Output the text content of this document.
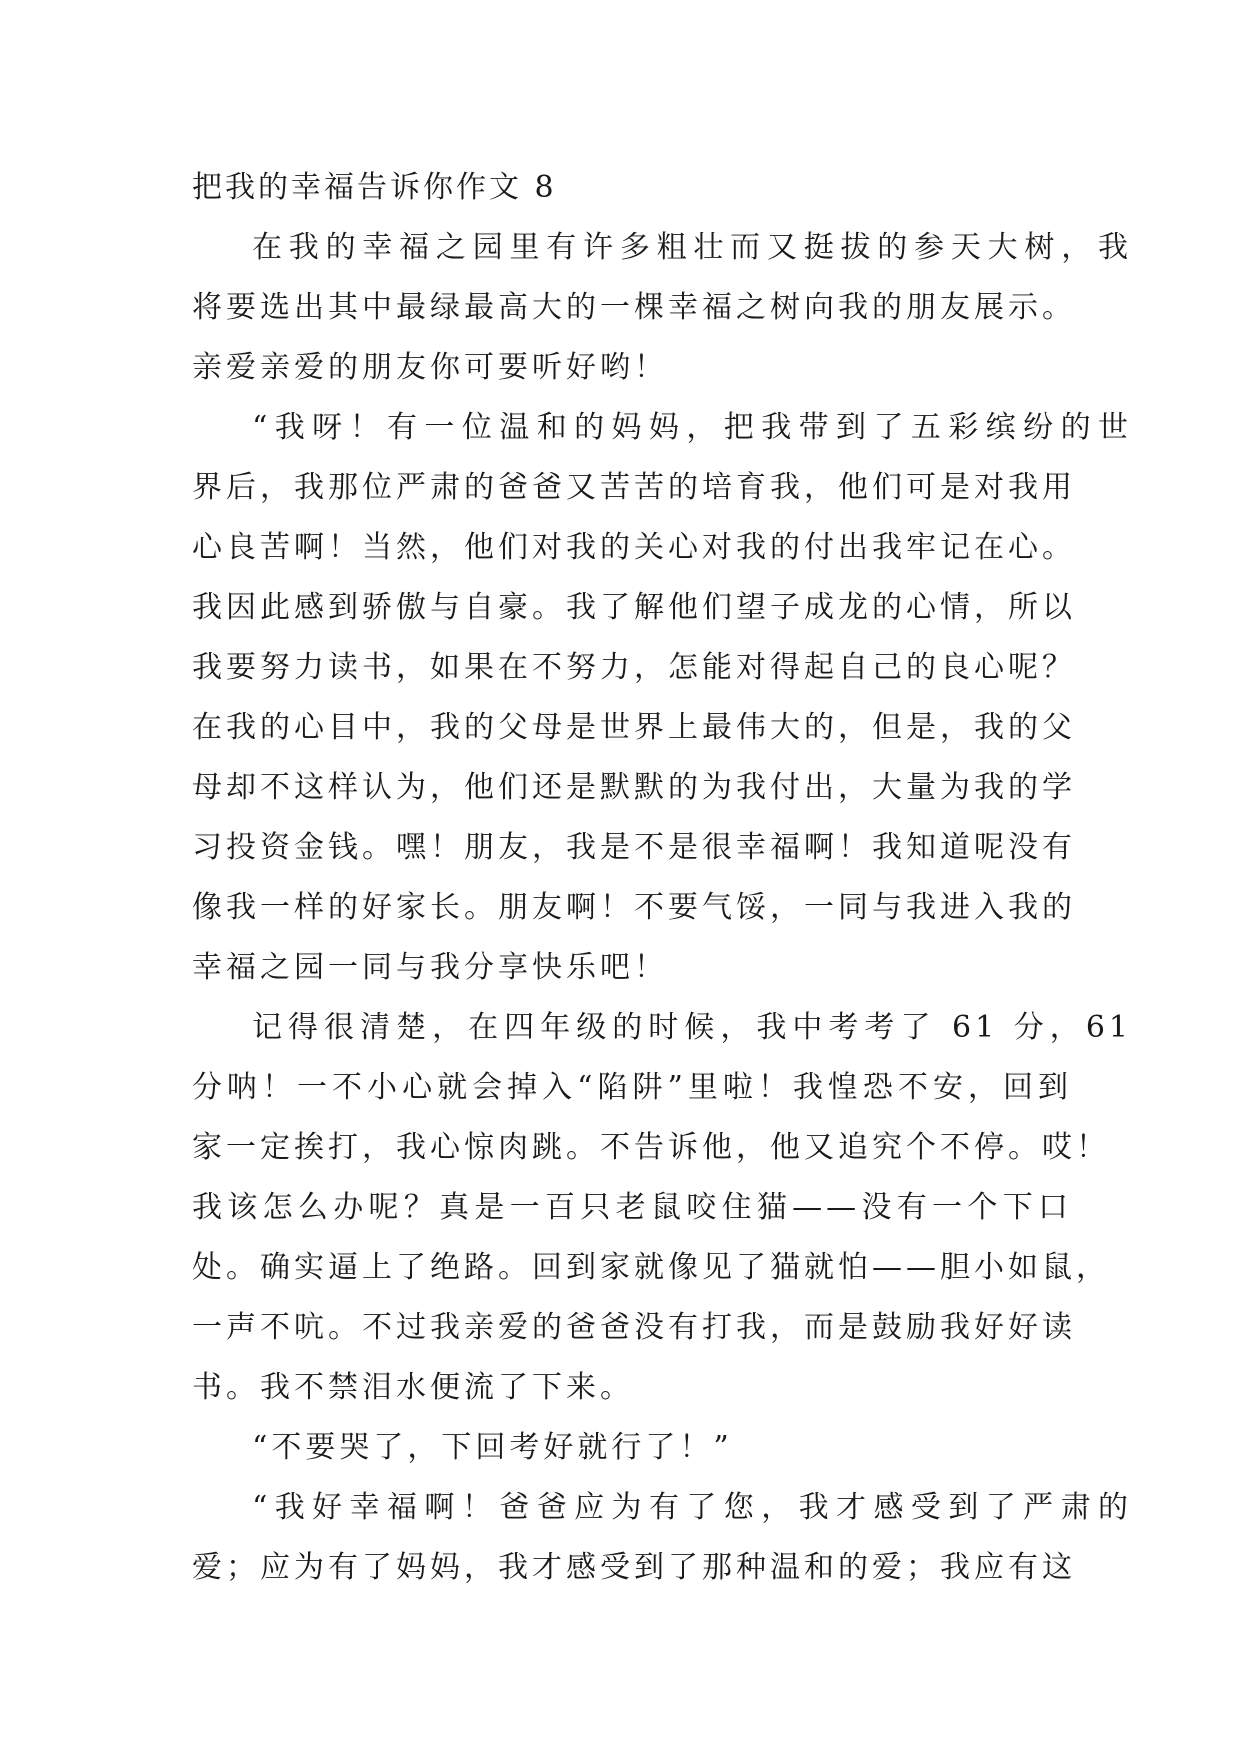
把我的幸福告诉你作文 8
在我的幸福之园里有许多粗壮而又挺拔的参天大树，我
将要选出其中最绿最高大的一棵幸福之树向我的朋友展示。
亲爱亲爱的朋友你可要听好哟！
“我呀！有一位温和的妈妈，把我带到了五彩缤纷的世
界后，我那位严肃的爸爸又苦苦的培育我，他们可是对我用
心良苦啊！当然，他们对我的关心对我的付出我牢记在心。
我因此感到骄傲与自豪。我了解他们望子成龙的心情，所以
我要努力读书，如果在不努力，怎能对得起自己的良心呢？
在我的心目中，我的父母是世界上最伟大的，但是，我的父
母却不这样认为，他们还是默默的为我付出，大量为我的学
习投资金钱。嘿！朋友，我是不是很幸福啊！我知道呢没有
像我一样的好家长。朋友啊！不要气馁，一同与我进入我的
幸福之园一同与我分享快乐吧！
记得很清楚，在四年级的时候，我中考考了 61 分，61
分呐！一不小心就会掉入“陷阱”里啦！我惶恐不安，回到
家一定挨打，我心惊肉跳。不告诉他，他又追究个不停。哎！
我该怎么办呢？真是一百只老鼠咬住猫——没有一个下口
处。确实逼上了绝路。回到家就像见了猫就怕——胆小如鼠，
一声不吭。不过我亲爱的爸爸没有打我，而是鼓励我好好读
书。我不禁泪水便流了下来。
“不要哭了，下回考好就行了！”
“我好幸福啊！爸爸应为有了您，我才感受到了严肃的
爱；应为有了妈妈，我才感受到了那种温和的爱；我应有这
